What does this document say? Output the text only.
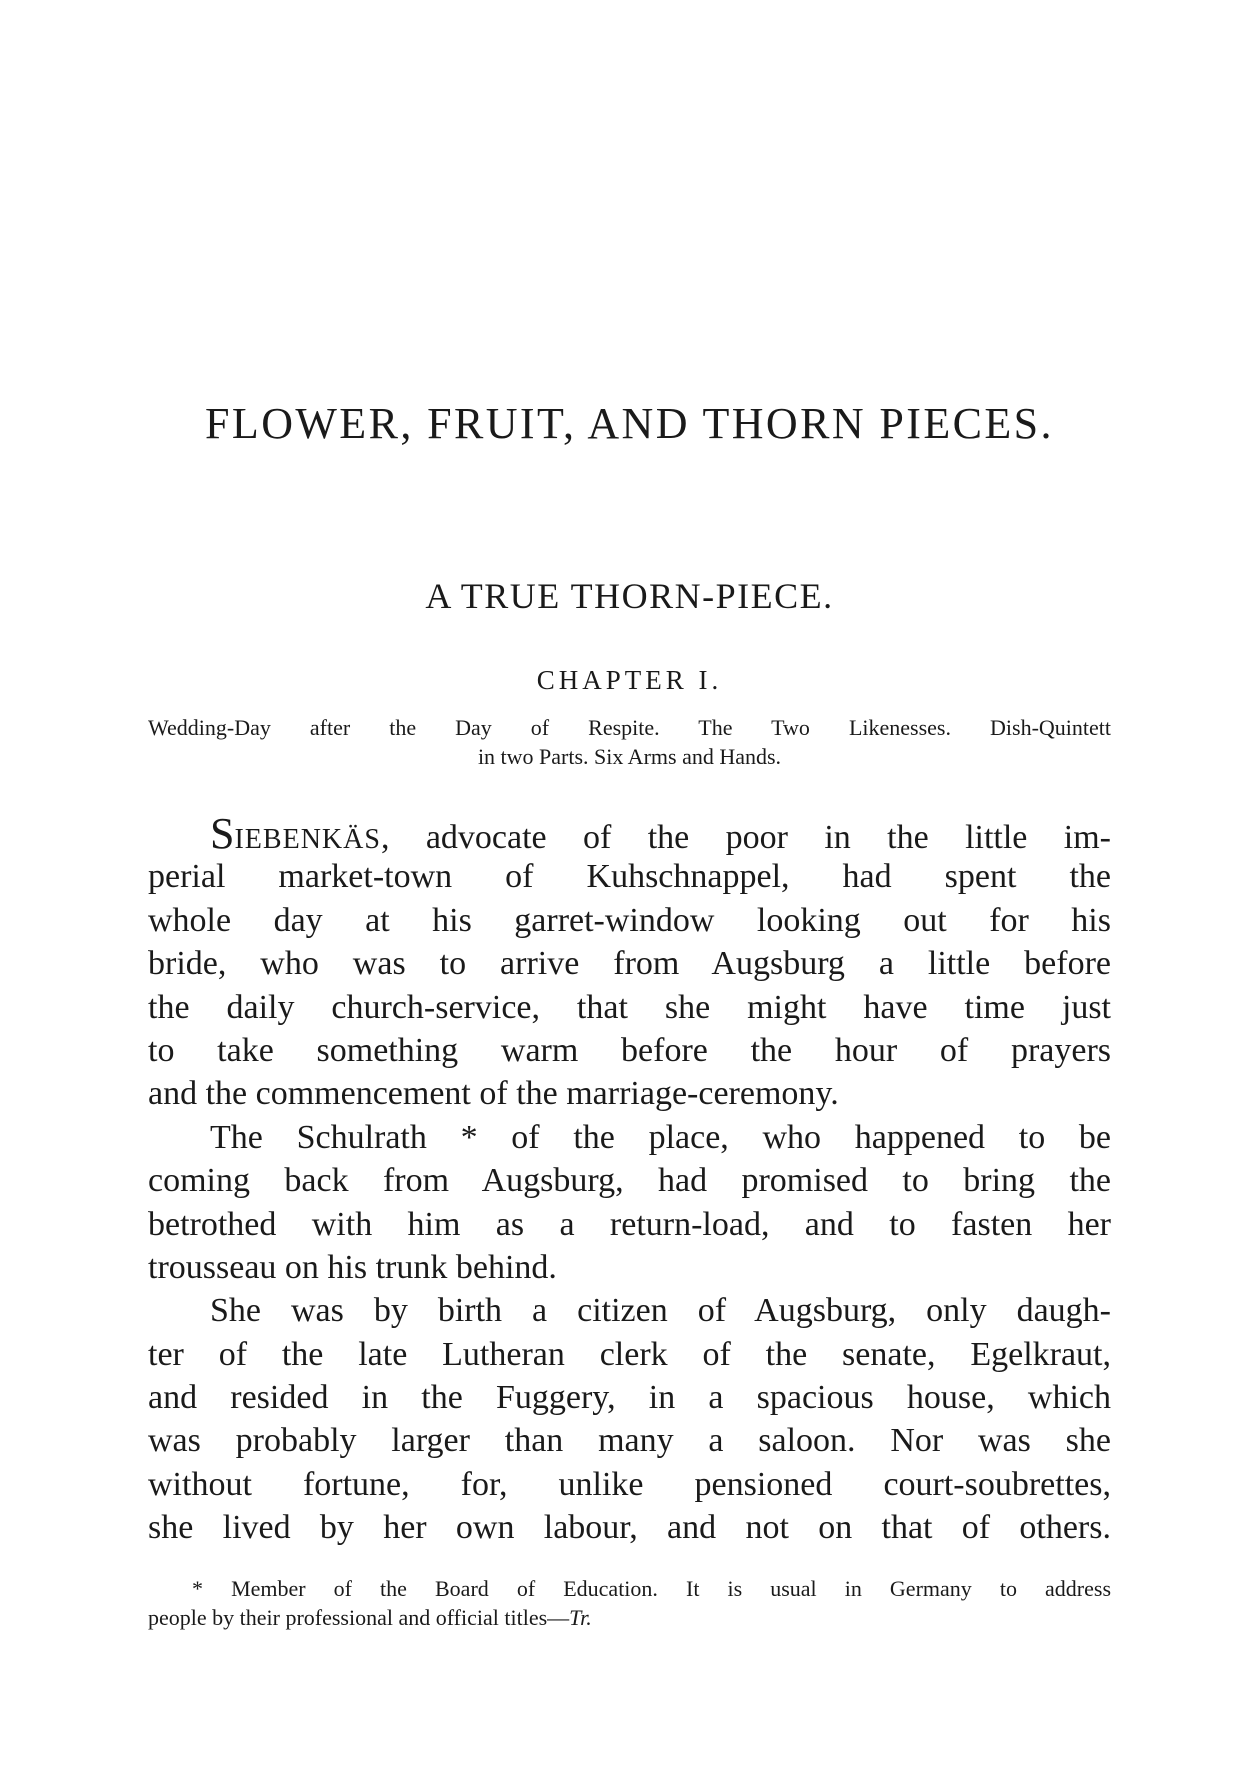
FLOWER, FRUIT, AND THORN PIECES.
A TRUE THORN-PIECE.
CHAPTER I.
Wedding-Day after the Day of Respite. The Two Likenesses. Dish-Quintett
in two Parts. Six Arms and Hands.
SIEBENKÄS, advocate of the poor in the little im-
perial market-town of Kuhschnappel, had spent the
whole day at his garret-window looking out for his
bride, who was to arrive from Augsburg a little before
the daily church-service, that she might have time just
to take something warm before the hour of prayers
and the commencement of the marriage-ceremony.
The Schulrath * of the place, who happened to be
coming back from Augsburg, had promised to bring the
betrothed with him as a return-load, and to fasten her
trousseau on his trunk behind.
She was by birth a citizen of Augsburg, only daugh-
ter of the late Lutheran clerk of the senate, Egelkraut,
and resided in the Fuggery, in a spacious house, which
was probably larger than many a saloon. Nor was she
without fortune, for, unlike pensioned court-soubrettes,
she lived by her own labour, and not on that of others.
* Member of the Board of Education. It is usual in Germany to address
people by their professional and official titles—Tr.
